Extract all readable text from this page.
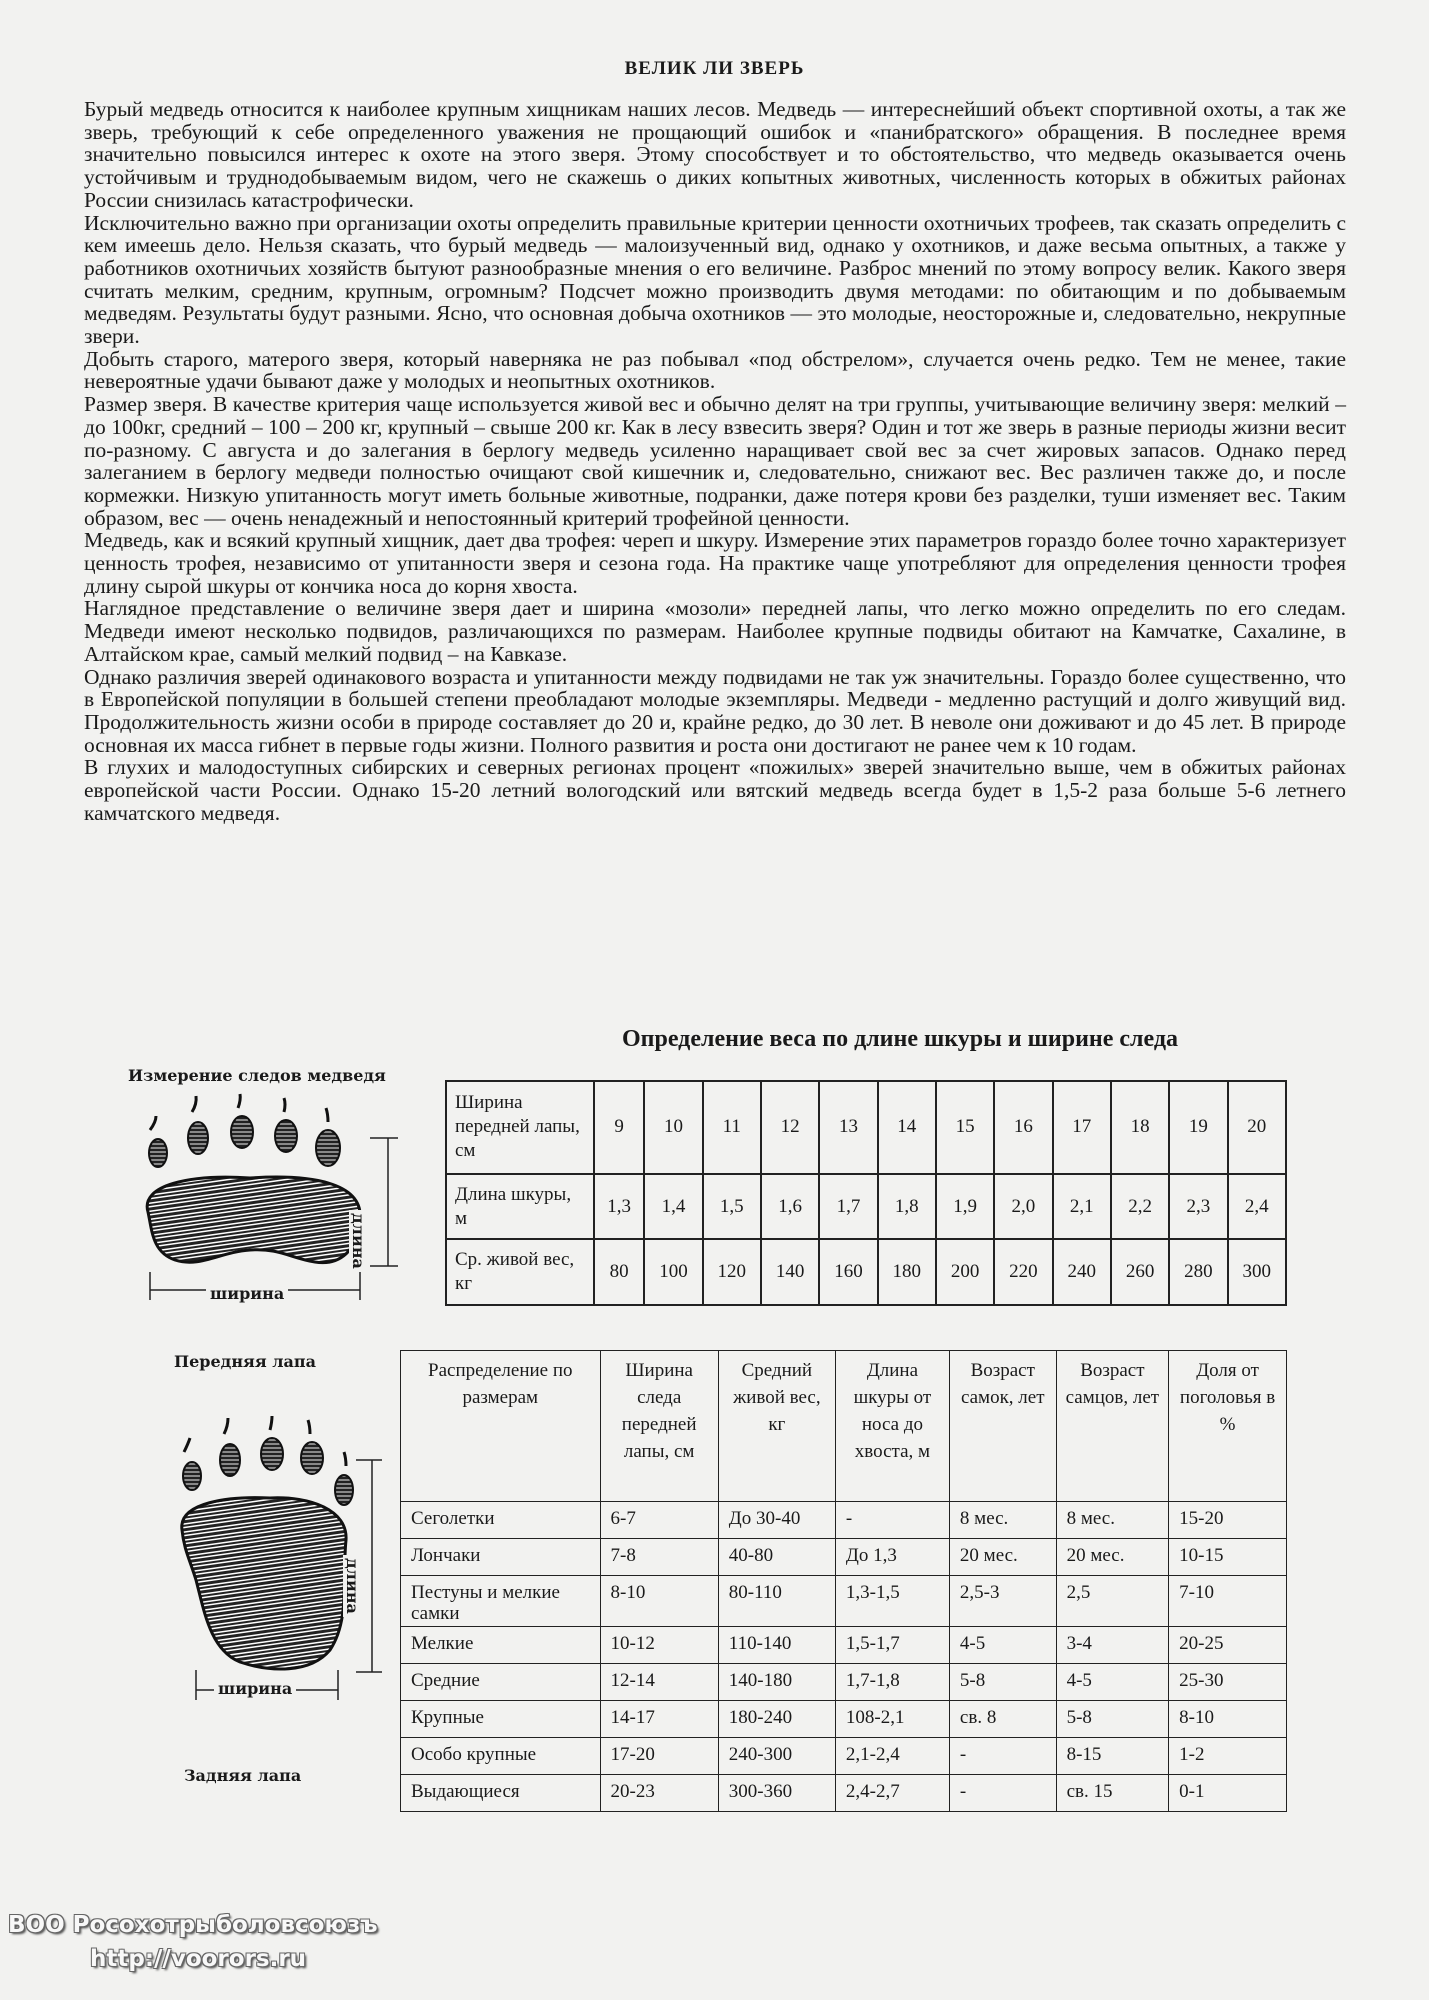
ВЕЛИК ЛИ ЗВЕРЬ

Бурый медведь относится к наиболее крупным хищникам наших лесов. Медведь — интереснейший объект спортивной охоты, а так же зверь, требующий к себе определенного уважения не прощающий ошибок и «панибратского» обращения. В последнее время значительно повысился интерес к охоте на этого зверя. Этому способствует и то обстоятельство, что медведь оказывается очень устойчивым и труднодобываемым видом, чего не скажешь о диких копытных животных, численность которых в обжитых районах России снизилась катастрофически.

Исключительно важно при организации охоты определить правильные критерии ценности охотничьих трофеев, так сказать определить с кем имеешь дело. Нельзя сказать, что бурый медведь — малоизученный вид, однако у охотников, и даже весьма опытных, а также у работников охотничьих хозяйств бытуют разнообразные мнения о его величине. Разброс мнений по этому вопросу велик. Какого зверя считать мелким, средним, крупным, огромным? Подсчет можно производить двумя методами: по обитающим и по добываемым медведям. Результаты будут разными. Ясно, что основная добыча охотников — это молодые, неосторожные и, следовательно, некрупные звери.

Добыть старого, матерого зверя, который наверняка не раз побывал «под обстрелом», случается очень редко. Тем не менее, такие невероятные удачи бывают даже у молодых и неопытных охотников.

Размер зверя. В качестве критерия чаще используется живой вес и обычно делят на три группы, учитывающие величину зверя: мелкий – до 100кг, средний – 100 – 200 кг, крупный – свыше 200 кг. Как в лесу взвесить зверя? Один и тот же зверь в разные периоды жизни весит по-разному. С августа и до залегания в берлогу медведь усиленно наращивает свой вес за счет жировых запасов. Однако перед залеганием в берлогу медведи полностью очищают свой кишечник и, следовательно, снижают вес. Вес различен также до, и после кормежки. Низкую упитанность могут иметь больные животные, подранки, даже потеря крови без разделки, туши изменяет вес. Таким образом, вес — очень ненадежный и непостоянный критерий трофейной ценности.

Медведь, как и всякий крупный хищник, дает два трофея: череп и шкуру. Измерение этих параметров гораздо более точно характеризует ценность трофея, независимо от упитанности зверя и сезона года. На практике чаще употребляют для определения ценности трофея длину сырой шкуры от кончика носа до корня хвоста.

Наглядное представление о величине зверя дает и ширина «мозоли» передней лапы, что легко можно определить по его следам. Медведи имеют несколько подвидов, различающихся по размерам. Наиболее крупные подвиды обитают на Камчатке, Сахалине, в Алтайском крае, самый мелкий подвид – на Кавказе.

Однако различия зверей одинакового возраста и упитанности между подвидами не так уж значительны. Гораздо более существенно, что в Европейской популяции в большей степени преобладают молодые экземпляры. Медведи - медленно растущий и долго живущий вид. Продолжительность жизни особи в природе составляет до 20 и, крайне редко, до 30 лет. В неволе они доживают и до 45 лет. В природе основная их масса гибнет в первые годы жизни. Полного развития и роста они достигают не ранее чем к 10 годам.

В глухих и малодоступных сибирских и северных регионах процент «пожилых» зверей значительно выше, чем в обжитых районах европейской части России. Однако 15-20 летний вологодский или вятский медведь всегда будет в 1,5-2 раза больше 5-6 летнего камчатского медведя.

Измерение следов медведя
ширина
длина
Передняя лапа
ширина
длина
Задняя лапа
Определение веса по длине шкуры и ширине следа
Ширина передней лапы, см	9	10	11	12	13	14	15	16	17	18	19	20
Длина шкуры, м	1,3	1,4	1,5	1,6	1,7	1,8	1,9	2,0	2,1	2,2	2,3	2,4
Ср. живой вес, кг	80	100	120	140	160	180	200	220	240	260	280	300
Распределение по размерам	Ширина следа передней лапы, см	Средний живой вес, кг	Длина шкуры от носа до хвоста, м	Возраст самок, лет	Возраст самцов, лет	Доля от поголовья в %
Сеголетки	6-7	До 30-40	-	8 мес.	8 мес.	15-20
Лончаки	7-8	40-80	До 1,3	20 мес.	20 мес.	10-15
Пестуны и мелкие самки	8-10	80-110	1,3-1,5	2,5-3	2,5	7-10
Мелкие	10-12	110-140	1,5-1,7	4-5	3-4	20-25
Средние	12-14	140-180	1,7-1,8	5-8	4-5	25-30
Крупные	14-17	180-240	108-2,1	св. 8	5-8	8-10
Особо крупные	17-20	240-300	2,1-2,4	-	8-15	1-2
Выдающиеся	20-23	300-360	2,4-2,7	-	св. 15	0-1
ВОО Росохотрыболовсоюзъ
http://voorors.ru
